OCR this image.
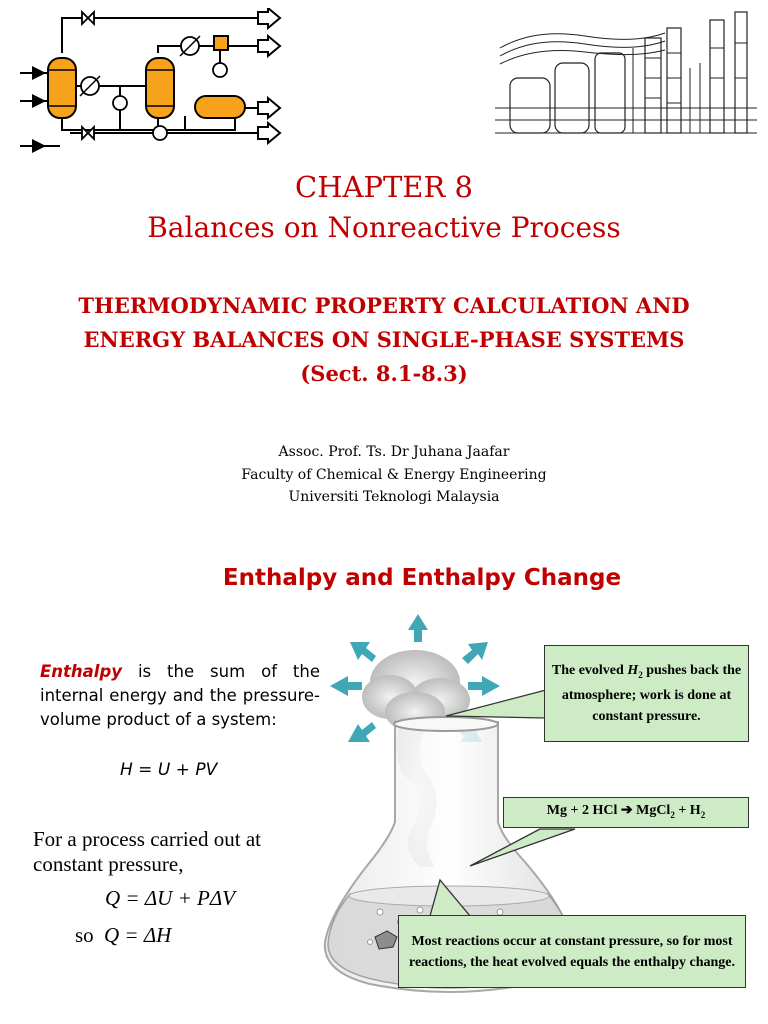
CHAPTER 8
Balances on Nonreactive Process
THERMODYNAMIC PROPERTY CALCULATION AND
ENERGY BALANCES ON SINGLE-PHASE SYSTEMS
(Sect. 8.1-8.3)
Assoc. Prof. Ts. Dr Juhana Jaafar
Faculty of Chemical & Energy Engineering
Universiti Teknologi Malaysia
Enthalpy and Enthalpy Change
Enthalpy is the sum of the internal energy and the pressure-volume product of a system:
H = U + PV
For a process carried out at constant pressure,
Q = ΔU + PΔV
so Q = ΔH
The evolved $H_2$ pushes back the atmosphere; work is done at constant pressure.
Mg + 2 HCl ➔ MgCl$_2$ + $H_2$
Most reactions occur at constant pressure, so for most reactions, the heat evolved equals the enthalpy change.
